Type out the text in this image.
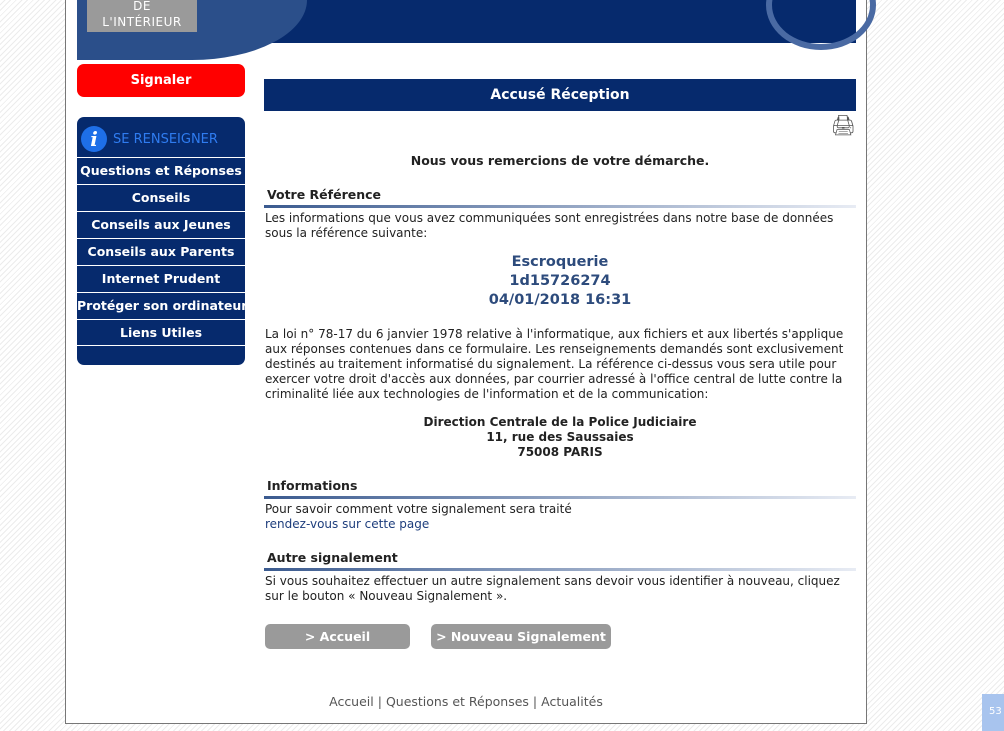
DE
L'INTÉRIEUR
Signaler
i	SE RENSEIGNER
Questions et Réponses
Conseils
Conseils aux Jeunes
Conseils aux Parents
Internet Prudent
Protéger son ordinateur
Liens Utiles
Accusé Réception
🖨
Nous vous remercions de votre démarche.
Votre Référence

Les informations que vous avez communiquées sont enregistrées dans notre base de données sous la référence suivante:

Escroquerie
1d15726274
04/01/2018 16:31

La loi n° 78-17 du 6 janvier 1978 relative à l'informatique, aux fichiers et aux libertés s'applique aux réponses contenues dans ce formulaire. Les renseignements demandés sont exclusivement destinés au traitement informatisé du signalement. La référence ci-dessus vous sera utile pour exercer votre droit d'accès aux données, par courrier adressé à l'office central de lutte contre la criminalité liée aux technologies de l'information et de la communication:

Direction Centrale de la Police Judiciaire
11, rue des Saussaies
75008 PARIS
Informations

Pour savoir comment votre signalement sera traité
rendez-vous sur cette page

Autre signalement

Si vous souhaitez effectuer un autre signalement sans devoir vous identifier à nouveau, cliquez sur le bouton « Nouveau Signalement ».

> Accueil	> Nouveau Signalement
Accueil | Questions et Réponses | Actualités
53
